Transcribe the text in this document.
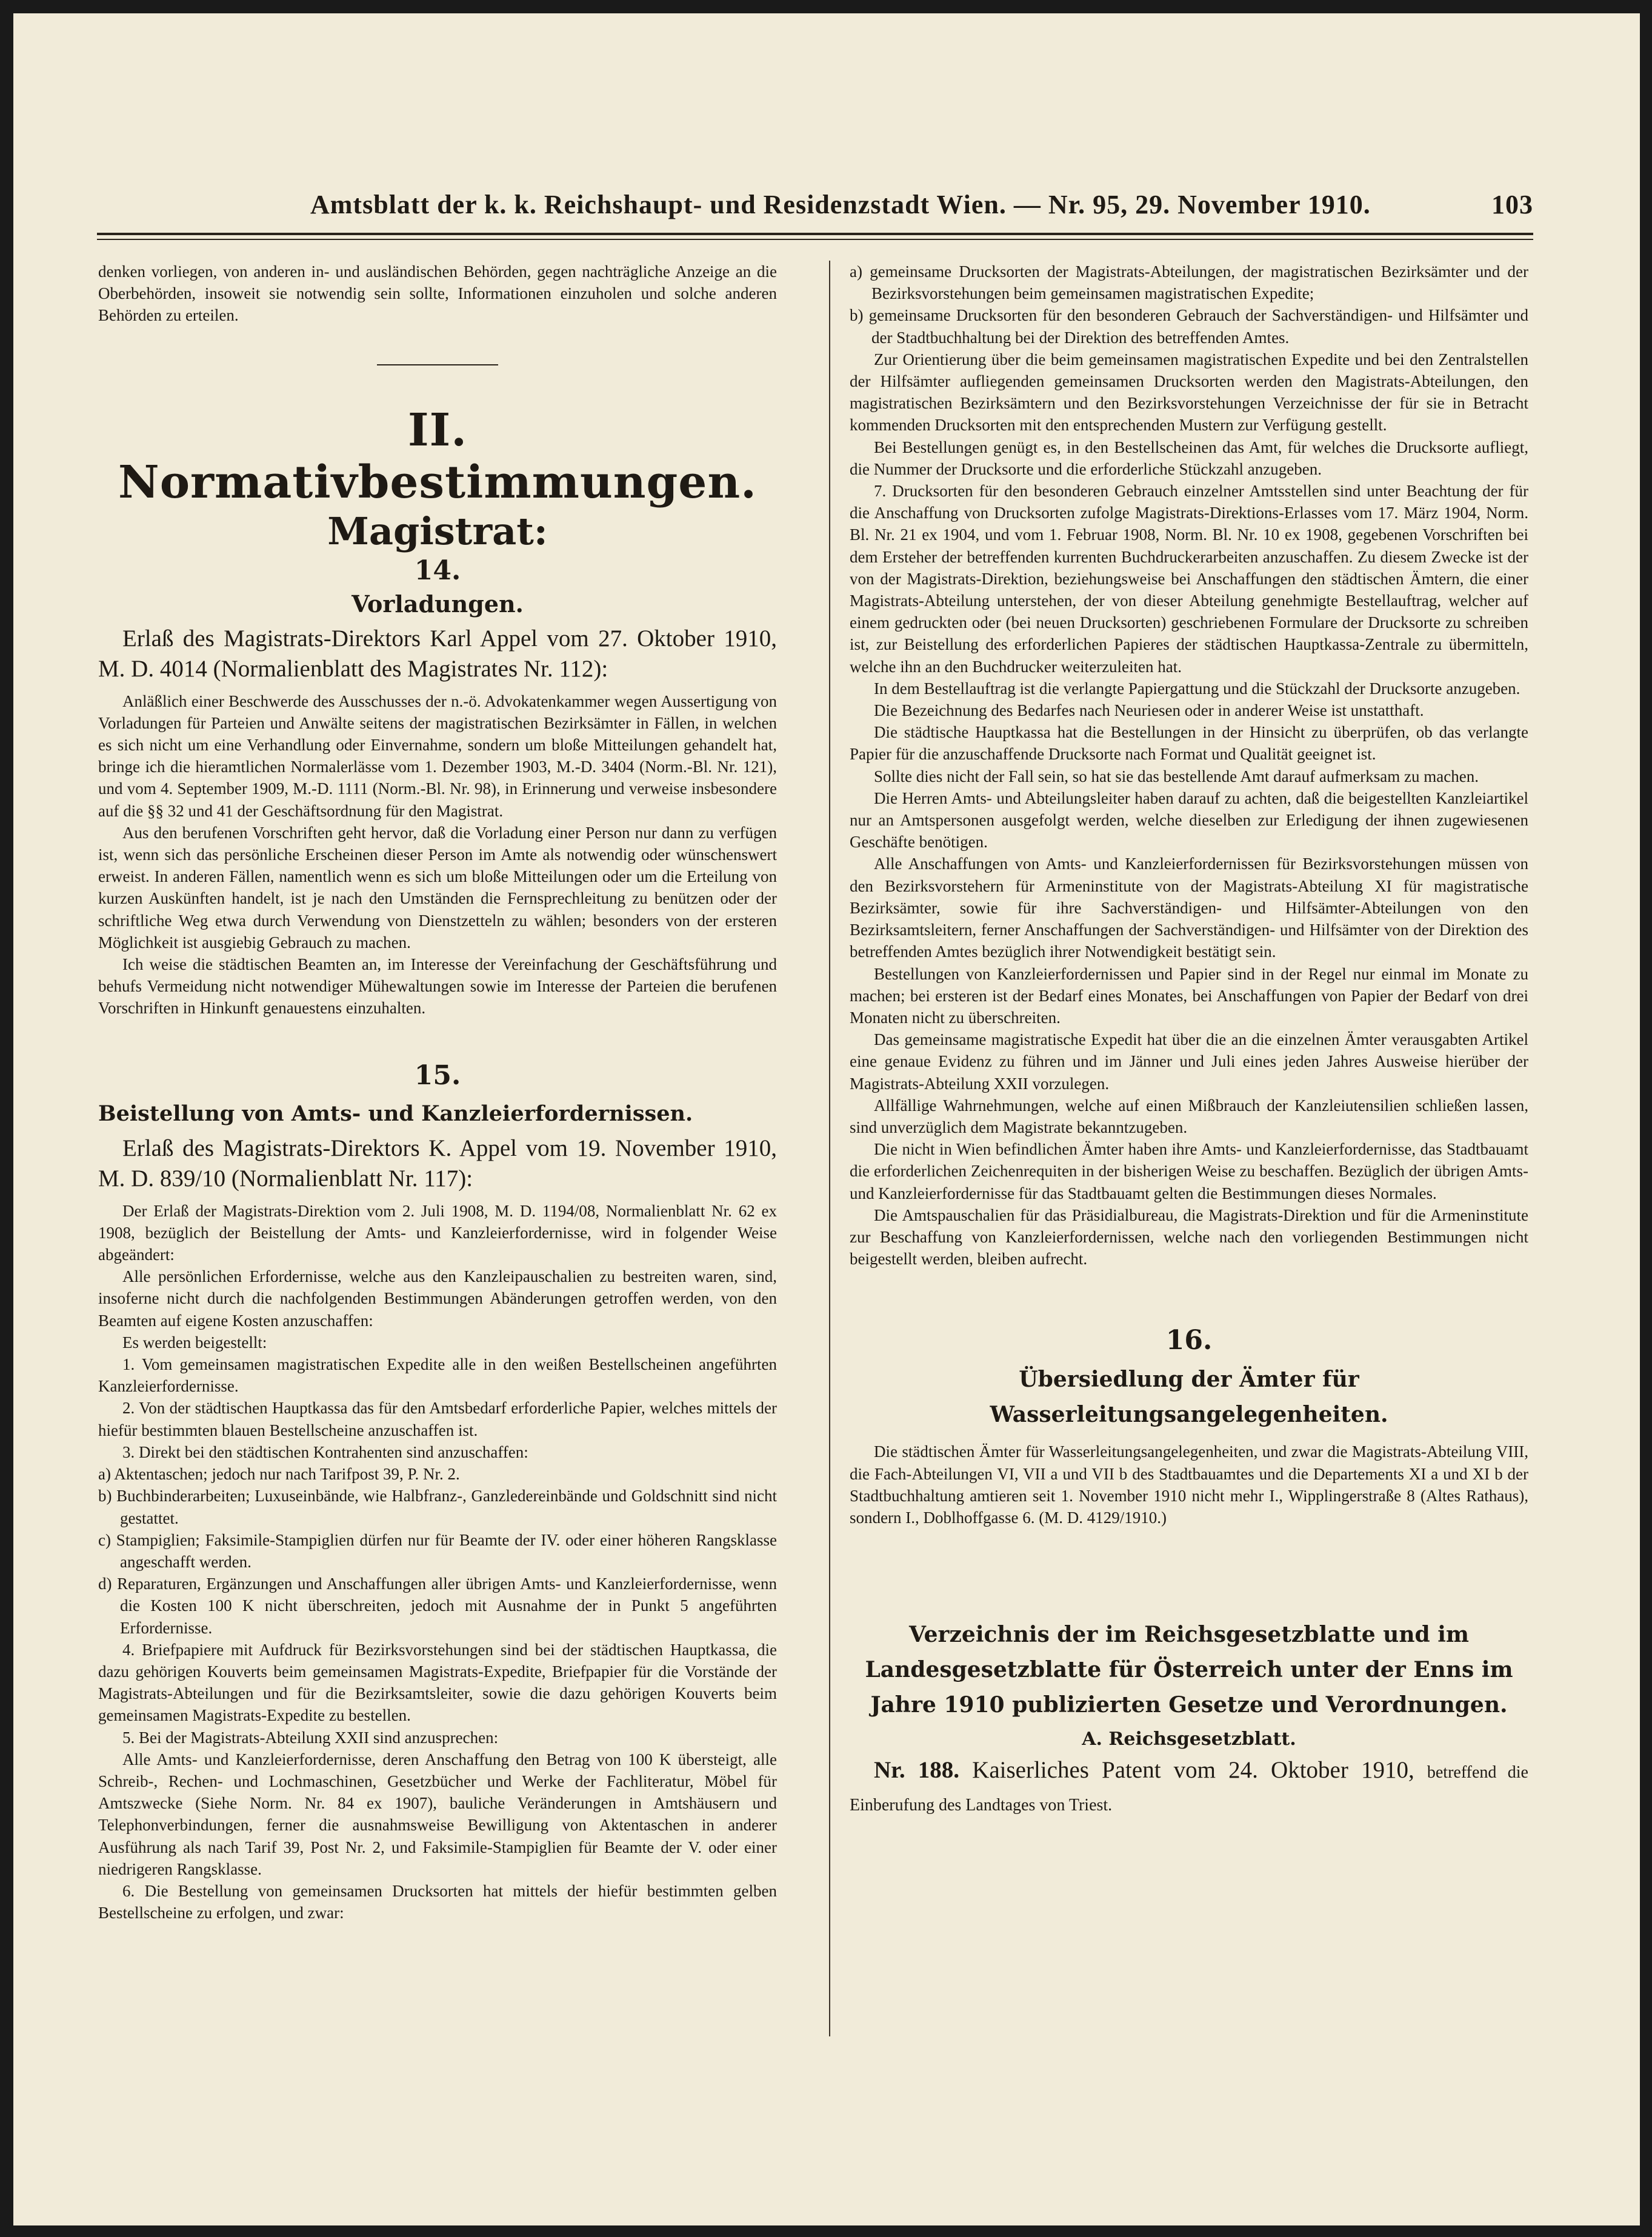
Amtsblatt der k. k. Reichshaupt- und Residenzstadt Wien. — Nr. 95, 29. November 1910.	103

denken vorliegen, von anderen in- und ausländischen Behörden, gegen nachträgliche Anzeige an die Oberbehörden, insoweit sie notwendig sein sollte, Informationen einzuholen und solche anderen Behörden zu erteilen.

II. Normativbestimmungen.
Magistrat:
14.
Vorladungen.

Erlaß des Magistrats-Direktors Karl Appel vom 27. Oktober 1910, M. D. 4014 (Normalienblatt des Magistrates Nr. 112):

Anläßlich einer Beschwerde des Ausschusses der n.-ö. Advokatenkammer wegen Aussertigung von Vorladungen für Parteien und Anwälte seitens der magistratischen Bezirksämter in Fällen, in welchen es sich nicht um eine Verhandlung oder Einvernahme, sondern um bloße Mitteilungen gehandelt hat, bringe ich die hieramtlichen Normalerlässe vom 1. Dezember 1903, M.-D. 3404 (Norm.-Bl. Nr. 121), und vom 4. September 1909, M.-D. 1111 (Norm.-Bl. Nr. 98), in Erinnerung und verweise insbesondere auf die §§ 32 und 41 der Geschäftsordnung für den Magistrat.

Aus den berufenen Vorschriften geht hervor, daß die Vorladung einer Person nur dann zu verfügen ist, wenn sich das persönliche Erscheinen dieser Person im Amte als notwendig oder wünschenswert erweist. In anderen Fällen, namentlich wenn es sich um bloße Mitteilungen oder um die Erteilung von kurzen Auskünften handelt, ist je nach den Umständen die Fernsprechleitung zu benützen oder der schriftliche Weg etwa durch Verwendung von Dienstzetteln zu wählen; besonders von der ersteren Möglichkeit ist ausgiebig Gebrauch zu machen.

Ich weise die städtischen Beamten an, im Interesse der Vereinfachung der Geschäftsführung und behufs Vermeidung nicht notwendiger Mühewaltungen sowie im Interesse der Parteien die berufenen Vorschriften in Hinkunft genauestens einzuhalten.

15.
Beistellung von Amts- und Kanzleierfordernissen.

Erlaß des Magistrats-Direktors K. Appel vom 19. November 1910, M. D. 839/10 (Normalienblatt Nr. 117):

Der Erlaß der Magistrats-Direktion vom 2. Juli 1908, M. D. 1194/08, Normalienblatt Nr. 62 ex 1908, bezüglich der Beistellung der Amts- und Kanzleierfordernisse, wird in folgender Weise abgeändert:

Alle persönlichen Erfordernisse, welche aus den Kanzleipauschalien zu bestreiten waren, sind, insoferne nicht durch die nachfolgenden Bestimmungen Abänderungen getroffen werden, von den Beamten auf eigene Kosten anzuschaffen:

Es werden beigestellt:

1. Vom gemeinsamen magistratischen Expedite alle in den weißen Bestellscheinen angeführten Kanzleierfordernisse.

2. Von der städtischen Hauptkassa das für den Amtsbedarf erforderliche Papier, welches mittels der hiefür bestimmten blauen Bestellscheine anzuschaffen ist.

3. Direkt bei den städtischen Kontrahenten sind anzuschaffen:

a) Aktentaschen; jedoch nur nach Tarifpost 39, P. Nr. 2.

b) Buchbinderarbeiten; Luxuseinbände, wie Halbfranz-, Ganzledereinbände und Goldschnitt sind nicht gestattet.

c) Stampiglien; Faksimile-Stampiglien dürfen nur für Beamte der IV. oder einer höheren Rangsklasse angeschafft werden.

d) Reparaturen, Ergänzungen und Anschaffungen aller übrigen Amts- und Kanzleierfordernisse, wenn die Kosten 100 K nicht überschreiten, jedoch mit Ausnahme der in Punkt 5 angeführten Erfordernisse.

4. Briefpapiere mit Aufdruck für Bezirksvorstehungen sind bei der städtischen Hauptkassa, die dazu gehörigen Kouverts beim gemeinsamen Magistrats-Expedite, Briefpapier für die Vorstände der Magistrats-Abteilungen und für die Bezirksamtsleiter, sowie die dazu gehörigen Kouverts beim gemeinsamen Magistrats-Expedite zu bestellen.

5. Bei der Magistrats-Abteilung XXII sind anzusprechen:

Alle Amts- und Kanzleierfordernisse, deren Anschaffung den Betrag von 100 K übersteigt, alle Schreib-, Rechen- und Lochmaschinen, Gesetzbücher und Werke der Fachliteratur, Möbel für Amtszwecke (Siehe Norm. Nr. 84 ex 1907), bauliche Veränderungen in Amtshäusern und Telephonverbindungen, ferner die ausnahmsweise Bewilligung von Aktentaschen in anderer Ausführung als nach Tarif 39, Post Nr. 2, und Faksimile-Stampiglien für Beamte der V. oder einer niedrigeren Rangsklasse.

6. Die Bestellung von gemeinsamen Drucksorten hat mittels der hiefür bestimmten gelben Bestellscheine zu erfolgen, und zwar:

a) gemeinsame Drucksorten der Magistrats-Abteilungen, der magistratischen Bezirksämter und der Bezirksvorstehungen beim gemeinsamen magistratischen Expedite;

b) gemeinsame Drucksorten für den besonderen Gebrauch der Sachverständigen- und Hilfsämter und der Stadtbuchhaltung bei der Direktion des betreffenden Amtes.

Zur Orientierung über die beim gemeinsamen magistratischen Expedite und bei den Zentralstellen der Hilfsämter aufliegenden gemeinsamen Drucksorten werden den Magistrats-Abteilungen, den magistratischen Bezirksämtern und den Bezirksvorstehungen Verzeichnisse der für sie in Betracht kommenden Drucksorten mit den entsprechenden Mustern zur Verfügung gestellt.

Bei Bestellungen genügt es, in den Bestellscheinen das Amt, für welches die Drucksorte aufliegt, die Nummer der Drucksorte und die erforderliche Stückzahl anzugeben.

7. Drucksorten für den besonderen Gebrauch einzelner Amtsstellen sind unter Beachtung der für die Anschaffung von Drucksorten zufolge Magistrats-Direktions-Erlasses vom 17. März 1904, Norm. Bl. Nr. 21 ex 1904, und vom 1. Februar 1908, Norm. Bl. Nr. 10 ex 1908, gegebenen Vorschriften bei dem Ersteher der betreffenden kurrenten Buchdruckerarbeiten anzuschaffen. Zu diesem Zwecke ist der von der Magistrats-Direktion, beziehungsweise bei Anschaffungen den städtischen Ämtern, die einer Magistrats-Abteilung unterstehen, der von dieser Abteilung genehmigte Bestellauftrag, welcher auf einem gedruckten oder (bei neuen Drucksorten) geschriebenen Formulare der Drucksorte zu schreiben ist, zur Beistellung des erforderlichen Papieres der städtischen Hauptkassa-Zentrale zu übermitteln, welche ihn an den Buchdrucker weiterzuleiten hat.

In dem Bestellauftrag ist die verlangte Papiergattung und die Stückzahl der Drucksorte anzugeben.

Die Bezeichnung des Bedarfes nach Neuriesen oder in anderer Weise ist unstatthaft.

Die städtische Hauptkassa hat die Bestellungen in der Hinsicht zu überprüfen, ob das verlangte Papier für die anzuschaffende Drucksorte nach Format und Qualität geeignet ist.

Sollte dies nicht der Fall sein, so hat sie das bestellende Amt darauf aufmerksam zu machen.

Die Herren Amts- und Abteilungsleiter haben darauf zu achten, daß die beigestellten Kanzleiartikel nur an Amtspersonen ausgefolgt werden, welche dieselben zur Erledigung der ihnen zugewiesenen Geschäfte benötigen.

Alle Anschaffungen von Amts- und Kanzleierfordernissen für Bezirksvorstehungen müssen von den Bezirksvorstehern für Armeninstitute von der Magistrats-Abteilung XI für magistratische Bezirksämter, sowie für ihre Sachverständigen- und Hilfsämter-Abteilungen von den Bezirksamtsleitern, ferner Anschaffungen der Sachverständigen- und Hilfsämter von der Direktion des betreffenden Amtes bezüglich ihrer Notwendigkeit bestätigt sein.

Bestellungen von Kanzleierfordernissen und Papier sind in der Regel nur einmal im Monate zu machen; bei ersteren ist der Bedarf eines Monates, bei Anschaffungen von Papier der Bedarf von drei Monaten nicht zu überschreiten.

Das gemeinsame magistratische Expedit hat über die an die einzelnen Ämter verausgabten Artikel eine genaue Evidenz zu führen und im Jänner und Juli eines jeden Jahres Ausweise hierüber der Magistrats-Abteilung XXII vorzulegen.

Allfällige Wahrnehmungen, welche auf einen Mißbrauch der Kanzleiutensilien schließen lassen, sind unverzüglich dem Magistrate bekanntzugeben.

Die nicht in Wien befindlichen Ämter haben ihre Amts- und Kanzleierfordernisse, das Stadtbauamt die erforderlichen Zeichenrequiten in der bisherigen Weise zu beschaffen. Bezüglich der übrigen Amts- und Kanzleierfordernisse für das Stadtbauamt gelten die Bestimmungen dieses Normales.

Die Amtspauschalien für das Präsidialbureau, die Magistrats-Direktion und für die Armeninstitute zur Beschaffung von Kanzleierfordernissen, welche nach den vorliegenden Bestimmungen nicht beigestellt werden, bleiben aufrecht.

16.
Übersiedlung der Ämter für Wasserleitungsangelegenheiten.

Die städtischen Ämter für Wasserleitungsangelegenheiten, und zwar die Magistrats-Abteilung VIII, die Fach-Abteilungen VI, VII a und VII b des Stadtbauamtes und die Departements XI a und XI b der Stadtbuchhaltung amtieren seit 1. November 1910 nicht mehr I., Wipplingerstraße 8 (Altes Rathaus), sondern I., Doblhoffgasse 6. (M. D. 4129/1910.)

Verzeichnis der im Reichsgesetzblatte und im Landesgesetzblatte für Österreich unter der Enns im Jahre 1910 publizierten Gesetze und Verordnungen.
A. Reichsgesetzblatt.

Nr. 188. Kaiserliches Patent vom 24. Oktober 1910, betreffend die Einberufung des Landtages von Triest.
